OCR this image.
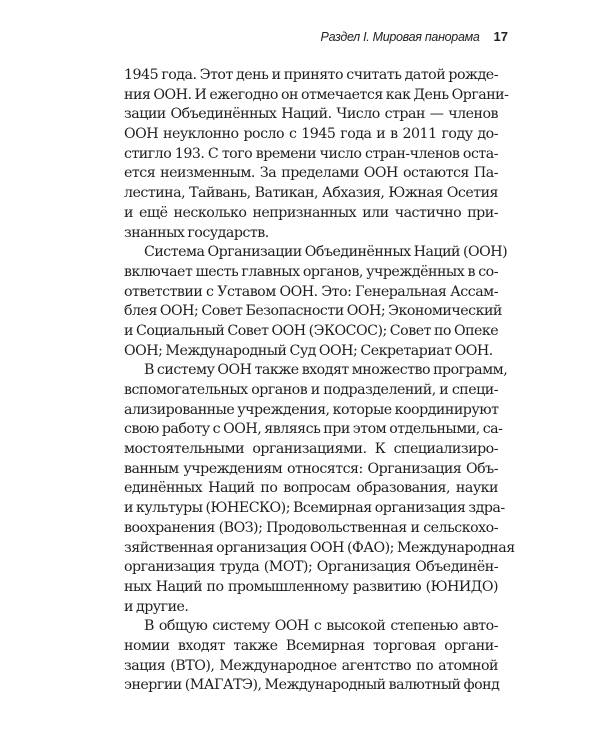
Раздел I. Мировая панорама 17
1945 года. Этот день и принято считать датой рожде-
ния ООН. И ежегодно он отмечается как День Органи-
зации Объединённых Наций. Число стран — членов
ООН неуклонно росло с 1945 года и в 2011 году до-
стигло 193. С того времени число стран-членов оста-
ется неизменным. За пределами ООН остаются Па-
лестина, Тайвань, Ватикан, Абхазия, Южная Осетия
и ещё несколько непризнанных или частично при-
знанных государств.
Система Организации Объединённых Наций (ООН)
включает шесть главных органов, учреждённых в со-
ответствии с Уставом ООН. Это: Генеральная Ассам-
блея ООН; Совет Безопасности ООН; Экономический
и Социальный Совет ООН (ЭКОСОС); Совет по Опеке
ООН; Международный Суд ООН; Секретариат ООН.
В систему ООН также входят множество программ,
вспомогательных органов и подразделений, и специ-
ализированные учреждения, которые координируют
свою работу с ООН, являясь при этом отдельными, са-
мостоятельными организациями. К специализиро-
ванным учреждениям относятся: Организация Объ-
единённых Наций по вопросам образования, науки
и культуры (ЮНЕСКО); Всемирная организация здра-
воохранения (ВОЗ); Продовольственная и сельскохо-
зяйственная организация ООН (ФАО); Международная
организация труда (МОТ); Организация Объединён-
ных Наций по промышленному развитию (ЮНИДО)
и другие.
В общую систему ООН с высокой степенью авто-
номии входят также Всемирная торговая органи-
зация (ВТО), Международное агентство по атомной
энергии (МАГАТЭ), Международный валютный фонд
